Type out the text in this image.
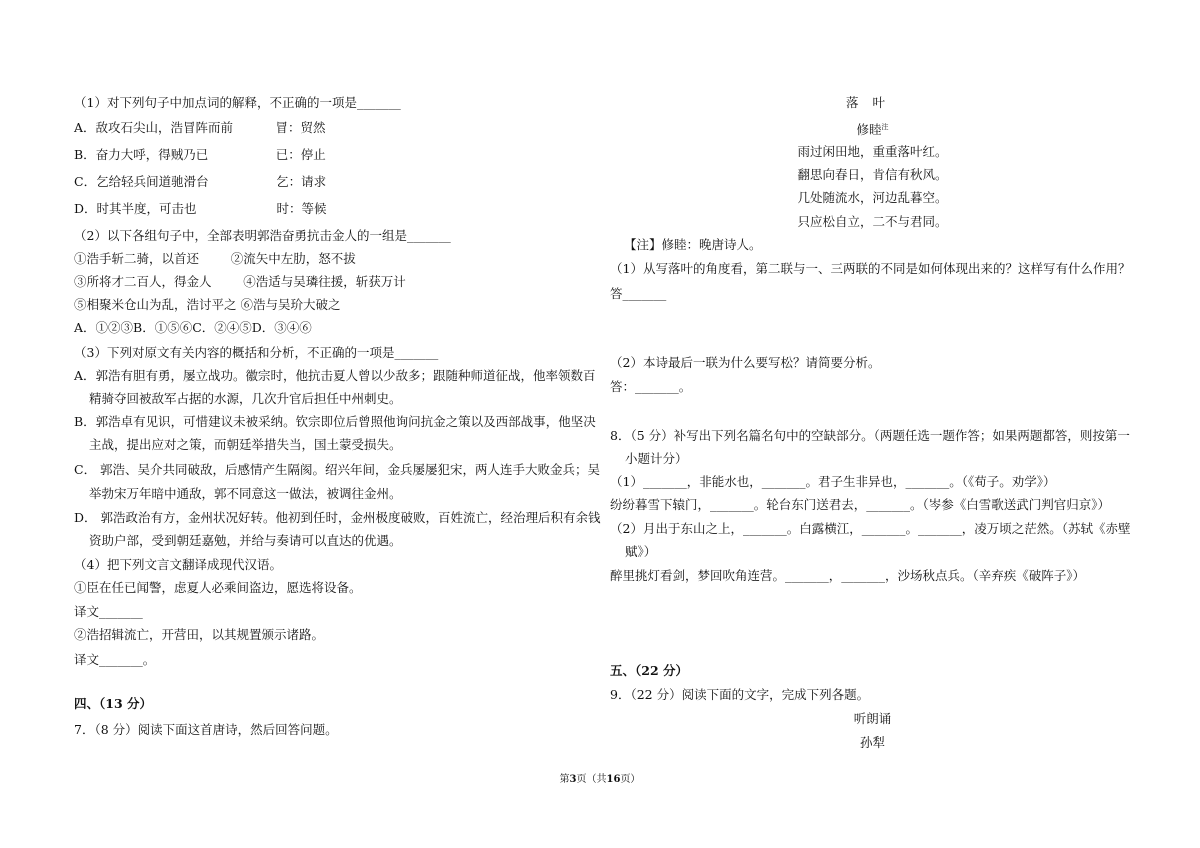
（1）对下列句子中加点词的解释，不正确的一项是_______
A．敌攻石尖山，浩冒阵而前	冒：贸然
B．奋力大呼，得贼乃已	已：停止
C．乞给轻兵间道驰滑台	乞：请求
D．时其半度，可击也	时：等候
（2）以下各组句子中，全部表明郭浩奋勇抗击金人的一组是_______
①浩手斩二骑，以首还        ②流矢中左肋，怒不拔
③所将才二百人，得金人        ④浩适与吴璘往援，斩获万计
⑤相聚米仓山为乱，浩讨平之 ⑥浩与吴玠大破之
A．①②③B．①⑤⑥C．②④⑤D．③④⑥
（3）下列对原文有关内容的概括和分析，不正确的一项是_______
A．郭浩有胆有勇，屡立战功。徽宗时，他抗击夏人曾以少敌多；跟随种师道征战，他率领数百
精骑夺回被敌军占据的水源，几次升官后担任中州刺史。
B．郭浩卓有见识，可惜建议未被采纳。钦宗即位后曾照他询问抗金之策以及西部战事，他坚决
主战，提出应对之策，而朝廷举措失当，国土蒙受损失。
C． 郭浩、吴介共同破敌，后感情产生隔阂。绍兴年间，金兵屡屡犯宋，两人连手大败金兵；吴
举勃宋万年暗中通敌，郭不同意这一做法，被调往金州。
D． 郭浩政治有方，金州状况好转。他初到任时，金州极度破败，百姓流亡，经治理后积有余钱
资助户部，受到朝廷嘉勉，并给与奏请可以直达的优遇。
（4）把下列文言文翻译成现代汉语。
①臣在任已闻警，虑夏人必乘间盗边，愿选将设备。
译文_______
②浩招辑流亡，开营田，以其规置颁示诸路。
译文_______。
四、（13 分）
7．（8 分）阅读下面这首唐诗，然后回答问题。
落叶
修睦$^注$
雨过闲田地，重重落叶红。
翻思向春日，肯信有秋风。
几处随流水，河边乱暮空。
只应松自立，二不与君同。
【注】修睦：晚唐诗人。
（1）从写落叶的角度看，第二联与一、三两联的不同是如何体现出来的？这样写有什么作用？
答_______
（2）本诗最后一联为什么要写松？请简要分析。
答：_______。
8．（5 分）补写出下列名篇名句中的空缺部分。（两题任选一题作答；如果两题都答，则按第一
小题计分）
（1）_______，非能水也，_______。君子生非异也，_______。（《荀子。劝学》）
纷纷暮雪下辕门，_______。轮台东门送君去，_______。（岑参《白雪歌送武门判官归京》）
（2）月出于东山之上，_______。白露横江，_______。_______，凌万顷之茫然。（苏轼《赤壁
赋》）
醉里挑灯看剑，梦回吹角连营。_______，_______，沙场秋点兵。（辛弃疾《破阵子》）
五、（22 分）
9．（22 分）阅读下面的文字，完成下列各题。
听朗诵
孙犁
第3页（共16页）
